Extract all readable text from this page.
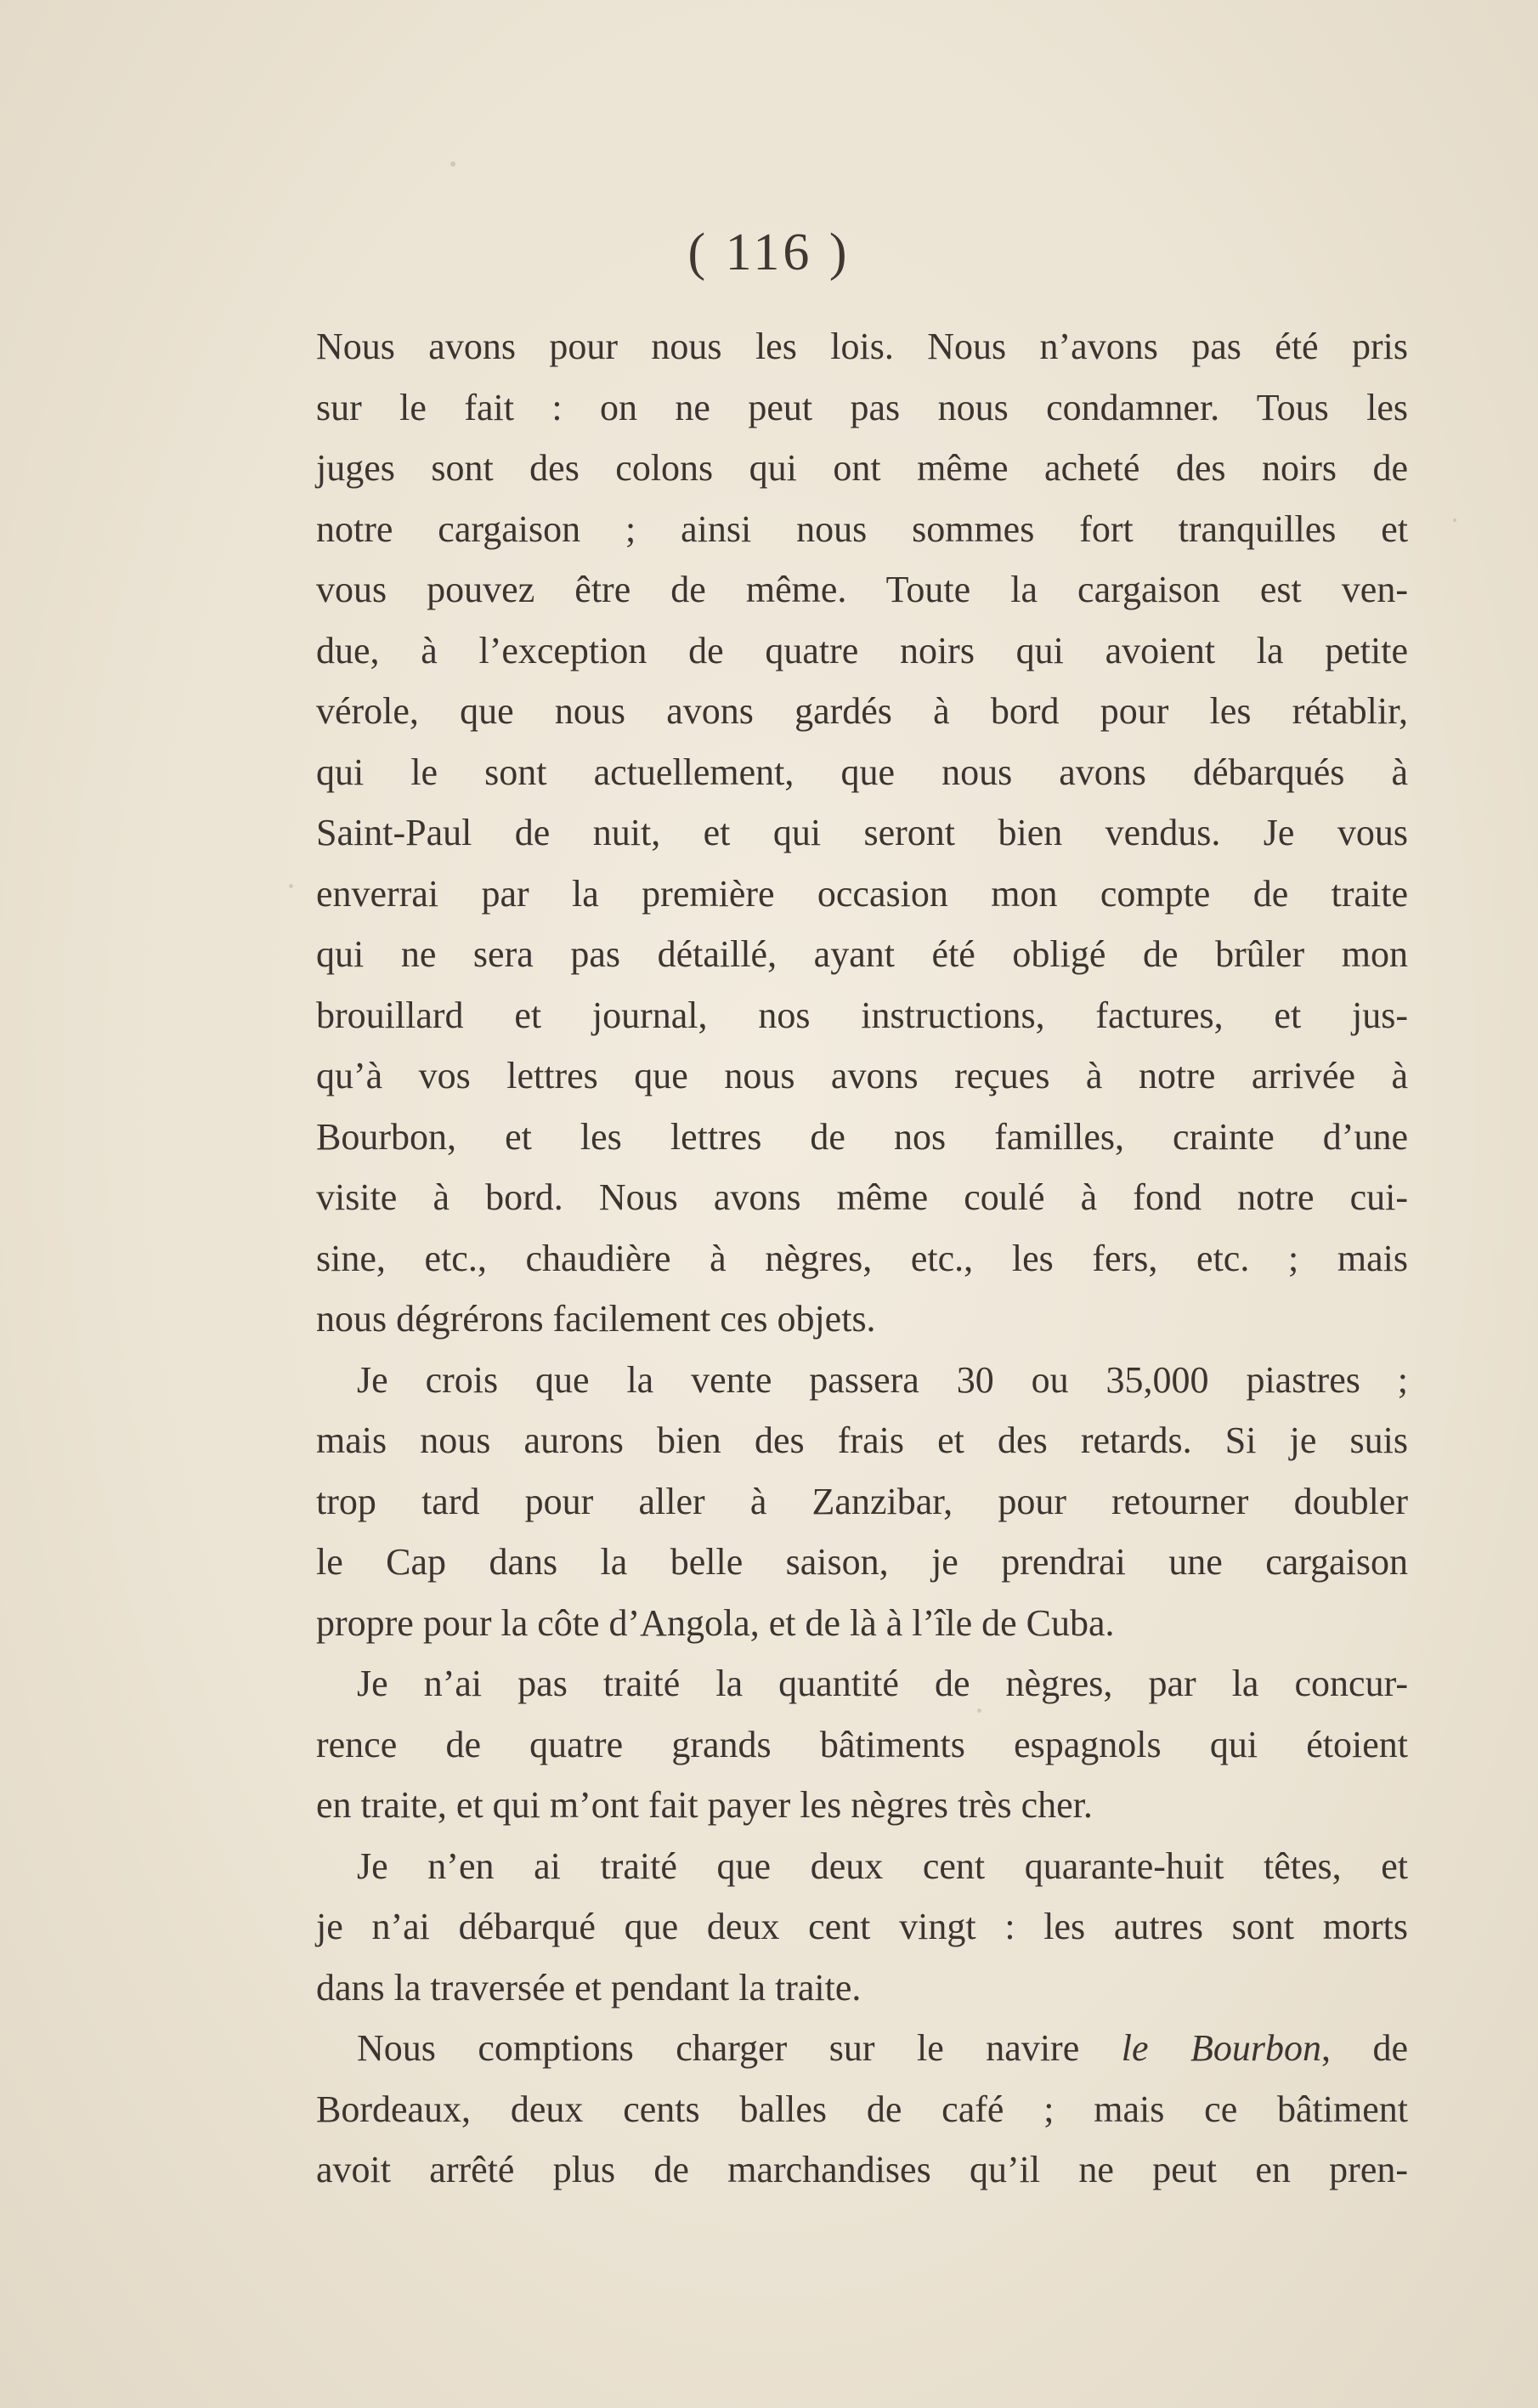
( 116 )
Nous avons pour nous les lois. Nous n’avons pas été pris
sur le fait : on ne peut pas nous condamner. Tous les
juges sont des colons qui ont même acheté des noirs de
notre cargaison ; ainsi nous sommes fort tranquilles et
vous pouvez être de même. Toute la cargaison est ven-
due, à l’exception de quatre noirs qui avoient la petite
vérole, que nous avons gardés à bord pour les rétablir,
qui le sont actuellement, que nous avons débarqués à
Saint-Paul de nuit, et qui seront bien vendus. Je vous
enverrai par la première occasion mon compte de traite
qui ne sera pas détaillé, ayant été obligé de brûler mon
brouillard et journal, nos instructions, factures, et jus-
qu’à vos lettres que nous avons reçues à notre arrivée à
Bourbon, et les lettres de nos familles, crainte d’une
visite à bord. Nous avons même coulé à fond notre cui-
sine, etc., chaudière à nègres, etc., les fers, etc. ; mais
nous dégrérons facilement ces objets.
Je crois que la vente passera 30 ou 35,000 piastres ;
mais nous aurons bien des frais et des retards. Si je suis
trop tard pour aller à Zanzibar, pour retourner doubler
le Cap dans la belle saison, je prendrai une cargaison
propre pour la côte d’Angola, et de là à l’île de Cuba.
Je n’ai pas traité la quantité de nègres, par la concur-
rence de quatre grands bâtiments espagnols qui étoient
en traite, et qui m’ont fait payer les nègres très cher.
Je n’en ai traité que deux cent quarante-huit têtes, et
je n’ai débarqué que deux cent vingt : les autres sont morts
dans la traversée et pendant la traite.
Nous comptions charger sur le navire le Bourbon, de
Bordeaux, deux cents balles de café ; mais ce bâtiment
avoit arrêté plus de marchandises qu’il ne peut en pren-
